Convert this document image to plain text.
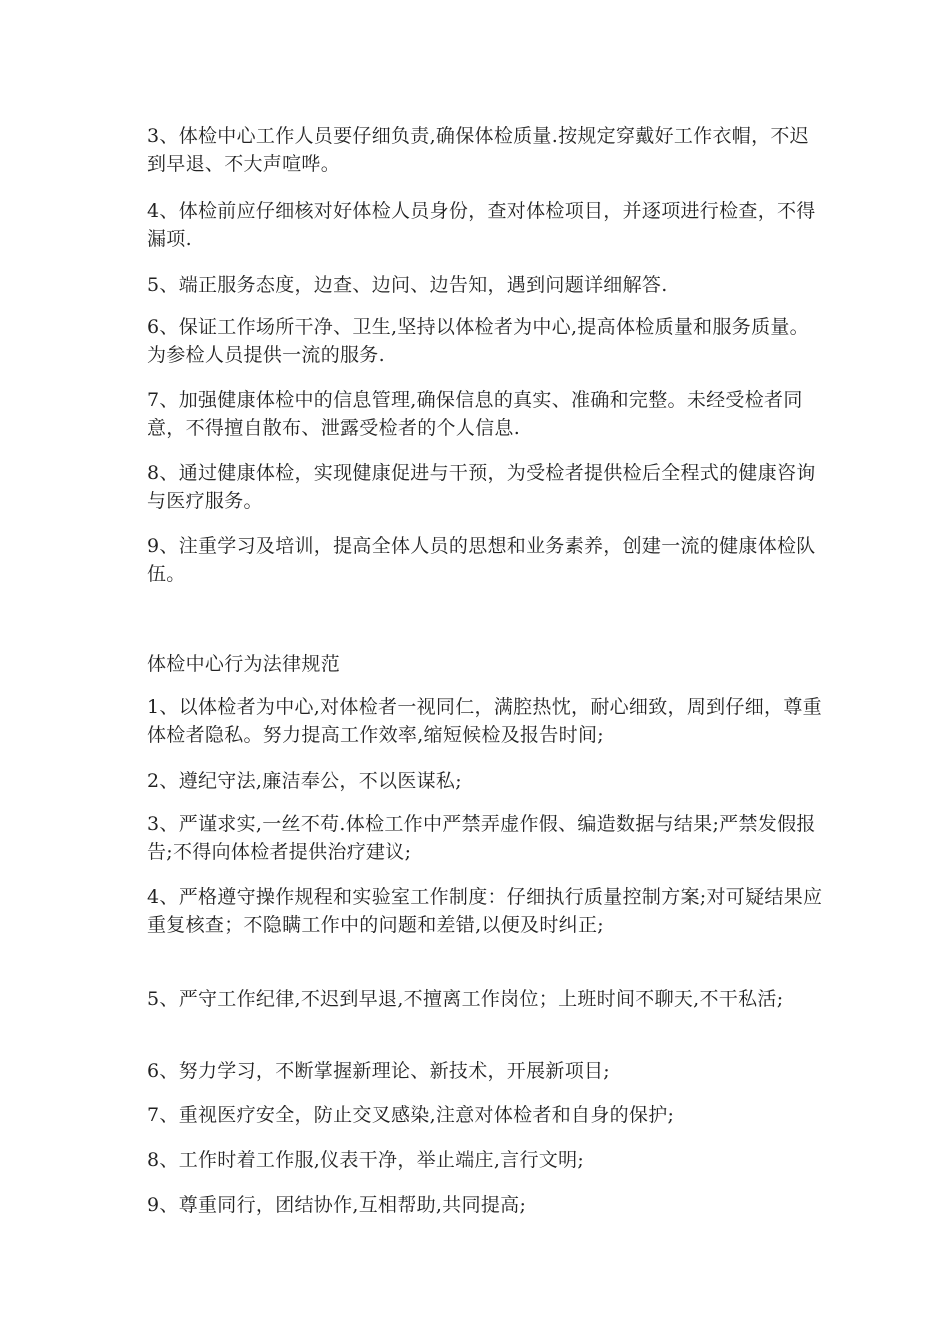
3、体检中心工作人员要仔细负责,确保体检质量.按规定穿戴好工作衣帽，不迟到早退、不大声喧哗。

4、体检前应仔细核对好体检人员身份，查对体检项目，并逐项进行检查，不得漏项.

5、端正服务态度，边查、边问、边告知，遇到问题详细解答.

6、保证工作场所干净、卫生,坚持以体检者为中心,提高体检质量和服务质量。为参检人员提供一流的服务.

7、加强健康体检中的信息管理,确保信息的真实、准确和完整。未经受检者同意，不得擅自散布、泄露受检者的个人信息.

8、通过健康体检，实现健康促进与干预，为受检者提供检后全程式的健康咨询与医疗服务。

9、注重学习及培训，提高全体人员的思想和业务素养，创建一流的健康体检队伍。

体检中心行为法律规范

1、以体检者为中心,对体检者一视同仁，满腔热忱，耐心细致，周到仔细，尊重体检者隐私。努力提高工作效率,缩短候检及报告时间;

2、遵纪守法,廉洁奉公，不以医谋私;

3、严谨求实,一丝不苟.体检工作中严禁弄虚作假、编造数据与结果;严禁发假报告;不得向体检者提供治疗建议;

4、严格遵守操作规程和实验室工作制度：仔细执行质量控制方案;对可疑结果应重复核查；不隐瞒工作中的问题和差错,以便及时纠正;

5、严守工作纪律,不迟到早退,不擅离工作岗位；上班时间不聊天,不干私活;

6、努力学习，不断掌握新理论、新技术，开展新项目;

7、重视医疗安全，防止交叉感染,注意对体检者和自身的保护;

8、工作时着工作服,仪表干净，举止端庄,言行文明;

9、尊重同行，团结协作,互相帮助,共同提高;
